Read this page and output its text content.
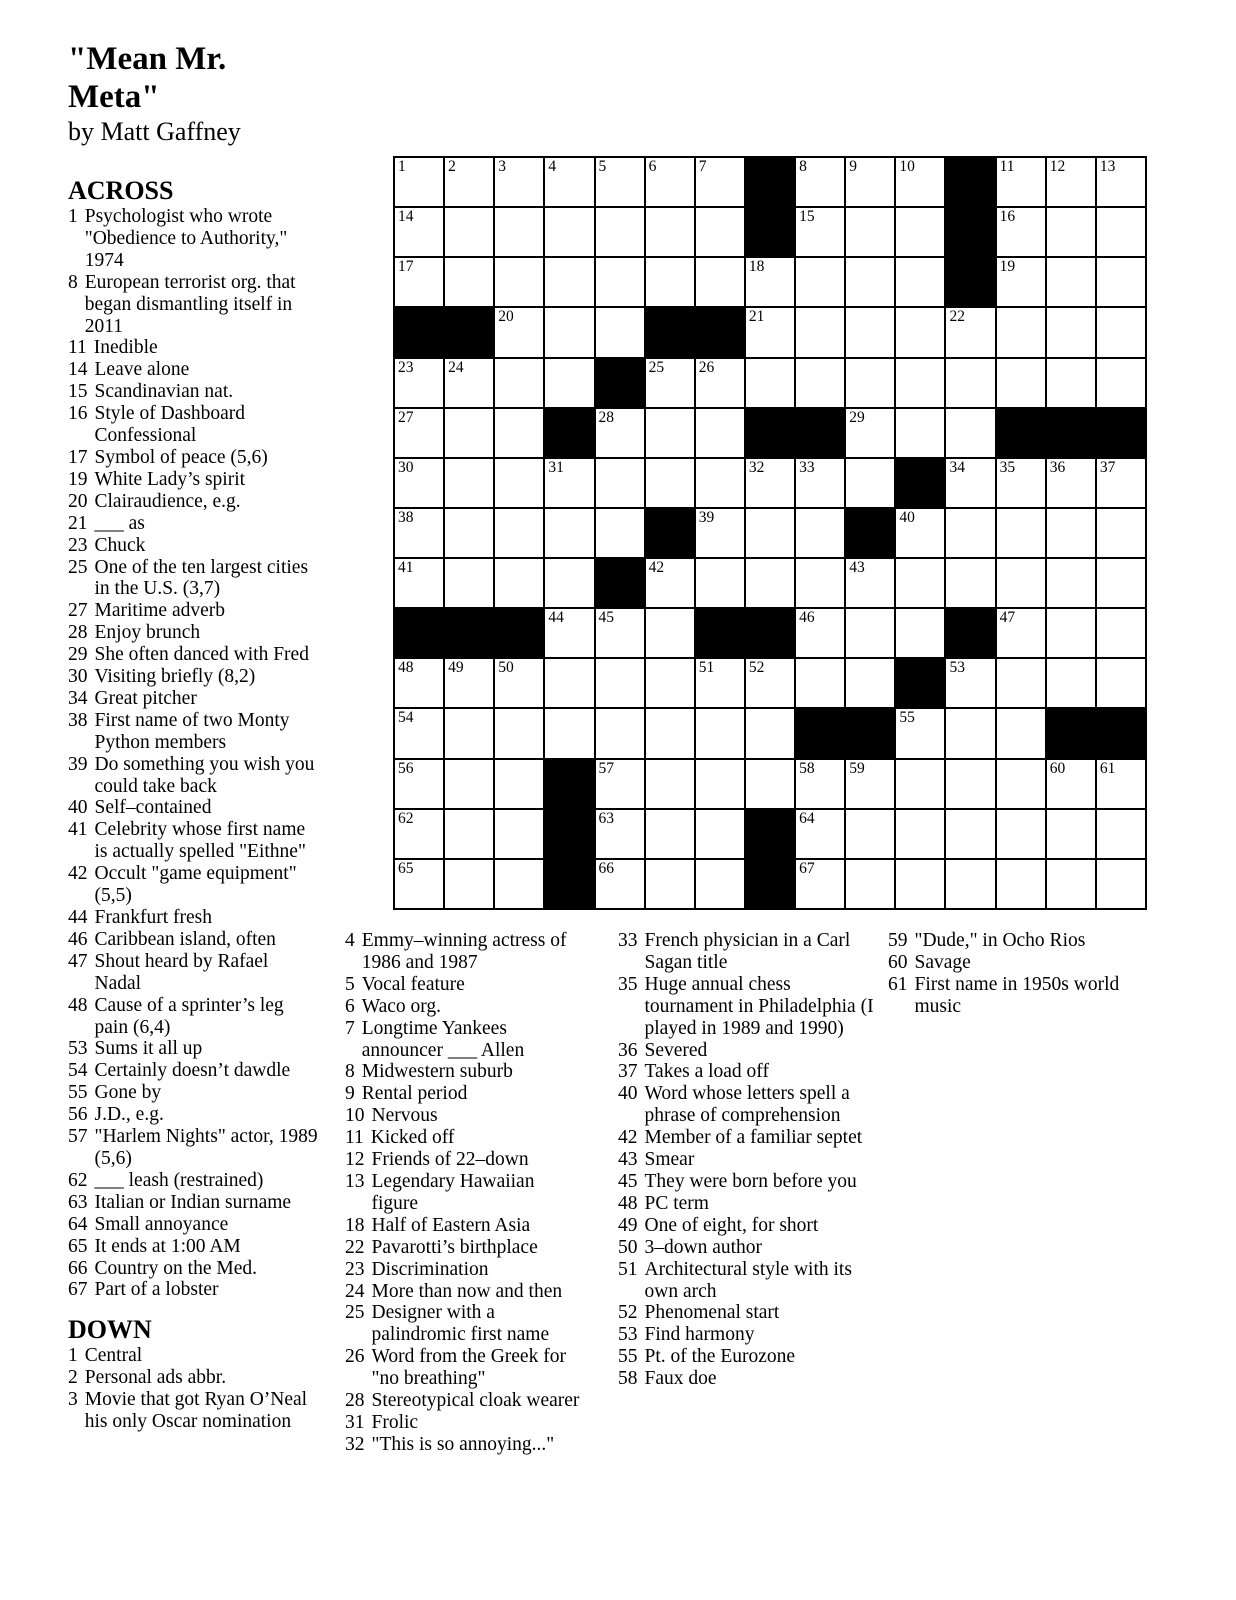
"Mean Mr. Meta"
by Matt Gaffney
ACROSS
1 Psychologist who wrote "Obedience to Authority," 1974
8 European terrorist org. that began dismantling itself in 2011
11 Inedible
14 Leave alone
15 Scandinavian nat.
16 Style of Dashboard Confessional
17 Symbol of peace (5,6)
19 White Lady’s spirit
20 Clairaudience, e.g.
21 ___ as
23 Chuck
25 One of the ten largest cities in the U.S. (3,7)
27 Maritime adverb
28 Enjoy brunch
29 She often danced with Fred
30 Visiting briefly (8,2)
34 Great pitcher
38 First name of two Monty Python members
39 Do something you wish you could take back
40 Self–contained
41 Celebrity whose first name is actually spelled "Eithne"
42 Occult "game equipment" (5,5)
44 Frankfurt fresh
46 Caribbean island, often
47 Shout heard by Rafael Nadal
48 Cause of a sprinter’s leg pain (6,4)
53 Sums it all up
54 Certainly doesn’t dawdle
55 Gone by
56 J.D., e.g.
57 "Harlem Nights" actor, 1989 (5,6)
62 ___ leash (restrained)
63 Italian or Indian surname
64 Small annoyance
65 It ends at 1:00 AM
66 Country on the Med.
67 Part of a lobster
DOWN
1 Central
2 Personal ads abbr.
3 Movie that got Ryan O’Neal his only Oscar nomination
1	2	3	4	5	6	7	8	9	10	11 12 13
14	15	16
17	18	19
20	21	22
23 24	25 26
27	28	29
30	31	32 33	34 35 36 37
38	39	40
41	42	43
44 45	46	47
48 49 50	51 52	53
54	55
56	57	58 59	60 61
62	63	64
65	66	67
4 Emmy–winning actress of 1986 and 1987
5 Vocal feature
6 Waco org.
7 Longtime Yankees announcer ___ Allen
8 Midwestern suburb
9 Rental period
10 Nervous
11 Kicked off
12 Friends of 22–down
13 Legendary Hawaiian figure
18 Half of Eastern Asia
22 Pavarotti’s birthplace
23 Discrimination
24 More than now and then
25 Designer with a palindromic first name
26 Word from the Greek for "no breathing"
28 Stereotypical cloak wearer
31 Frolic
32 "This is so annoying..."
33 French physician in a Carl Sagan title
35 Huge annual chess tournament in Philadelphia (I played in 1989 and 1990)
36 Severed
37 Takes a load off
40 Word whose letters spell a phrase of comprehension
42 Member of a familiar septet
43 Smear
45 They were born before you
48 PC term
49 One of eight, for short
50 3–down author
51 Architectural style with its own arch
52 Phenomenal start
53 Find harmony
55 Pt. of the Eurozone
58 Faux doe
59 "Dude," in Ocho Rios
60 Savage
61 First name in 1950s world music
